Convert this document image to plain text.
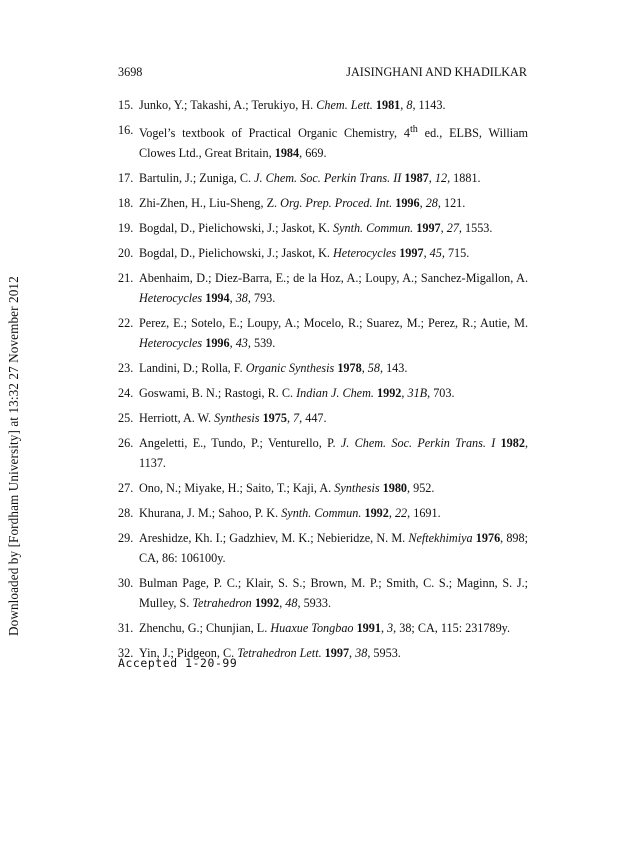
Downloaded by [Fordham University] at 13:32 27 November 2012
3698	JAISINGHANI AND KHADILKAR
15. Junko, Y.; Takashi, A.; Terukiyo, H. Chem. Lett. 1981, 8, 1143.
16. Vogel’s textbook of Practical Organic Chemistry, 4th ed., ELBS, William Clowes Ltd., Great Britain, 1984, 669.
17. Bartulin, J.; Zuniga, C. J. Chem. Soc. Perkin Trans. II 1987, 12, 1881.
18. Zhi-Zhen, H., Liu-Sheng, Z. Org. Prep. Proced. Int. 1996, 28, 121.
19. Bogdal, D., Pielichowski, J.; Jaskot, K. Synth. Commun. 1997, 27, 1553.
20. Bogdal, D., Pielichowski, J.; Jaskot, K. Heterocycles 1997, 45, 715.
21. Abenhaim, D.; Diez-Barra, E.; de la Hoz, A.; Loupy, A.; Sanchez-Migallon, A. Heterocycles 1994, 38, 793.
22. Perez, E.; Sotelo, E.; Loupy, A.; Mocelo, R.; Suarez, M.; Perez, R.; Autie, M. Heterocycles 1996, 43, 539.
23. Landini, D.; Rolla, F. Organic Synthesis 1978, 58, 143.
24. Goswami, B. N.; Rastogi, R. C. Indian J. Chem. 1992, 31B, 703.
25. Herriott, A. W. Synthesis 1975, 7, 447.
26. Angeletti, E., Tundo, P.; Venturello, P. J. Chem. Soc. Perkin Trans. I 1982, 1137.
27. Ono, N.; Miyake, H.; Saito, T.; Kaji, A. Synthesis 1980, 952.
28. Khurana, J. M.; Sahoo, P. K. Synth. Commun. 1992, 22, 1691.
29. Areshidze, Kh. I.; Gadzhiev, M. K.; Nebieridze, N. M. Neftekhimiya 1976, 898; CA, 86: 106100y.
30. Bulman Page, P. C.; Klair, S. S.; Brown, M. P.; Smith, C. S.; Maginn, S. J.; Mulley, S. Tetrahedron 1992, 48, 5933.
31. Zhenchu, G.; Chunjian, L. Huaxue Tongbao 1991, 3, 38; CA, 115: 231789y.
32. Yin, J.; Pidgeon, C. Tetrahedron Lett. 1997, 38, 5953.
Accepted 1-20-99
